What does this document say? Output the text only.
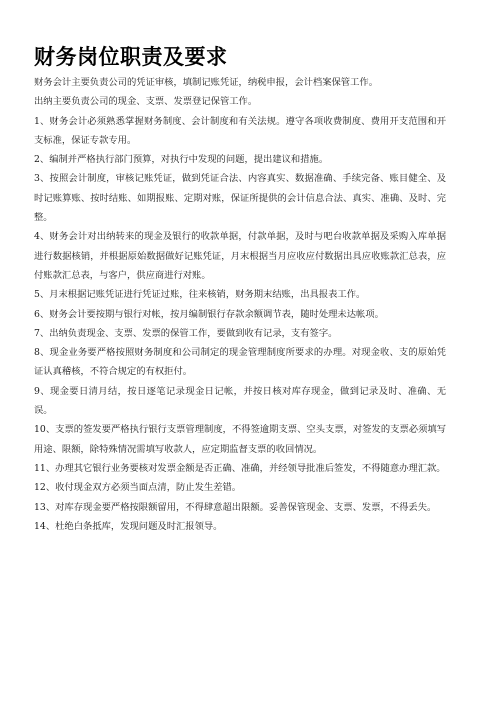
财务岗位职责及要求

财务会计主要负责公司的凭证审核，填制记账凭证，纳税申报，会计档案保管工作。

出纳主要负责公司的现金、支票、发票登记保管工作。

1、财务会计必须熟悉掌握财务制度、会计制度和有关法规。遵守各项收费制度、费用开支范围和开支标准，保证专款专用。

2、编制并严格执行部门预算，对执行中发现的问题，提出建议和措施。

3、按照会计制度，审核记账凭证，做到凭证合法、内容真实、数据准确、手续完备、账目健全、及时记账算账、按时结账、如期报账、定期对账，保证所提供的会计信息合法、真实、准确、及时、完整。

4、财务会计对出纳转来的现金及银行的收款单据，付款单据，及时与吧台收款单据及采购入库单据进行数据核销，并根据原始数据做好记账凭证，月末根据当月应收应付数据出具应收账款汇总表，应付账款汇总表，与客户，供应商进行对账。

5、月末根据记账凭证进行凭证过账，往来核销，财务期末结账，出具报表工作。

6、财务会计要按期与银行对帐，按月编制银行存款余额调节表，随时处理未达帐项。

7、出纳负责现金、支票、发票的保管工作，要做到收有记录，支有签字。

8、现金业务要严格按照财务制度和公司制定的现金管理制度所要求的办理。对现金收、支的原始凭证认真稽核，不符合规定的有权拒付。

9、现金要日清月结，按日逐笔记录现金日记帐，并按日核对库存现金，做到记录及时、准确、无误。

10、支票的签发要严格执行银行支票管理制度，不得签逾期支票、空头支票，对签发的支票必须填写用途、限额，除特殊情况需填写收款人，应定期监督支票的收回情况。

11、办理其它银行业务要核对发票金额是否正确、准确，并经领导批准后签发，不得随意办理汇款。

12、收付现金双方必须当面点清，防止发生差错。

13、对库存现金要严格按限额留用，不得肆意超出限额。妥善保管现金、支票、发票，不得丢失。

14、杜绝白条抵库，发现问题及时汇报领导。
